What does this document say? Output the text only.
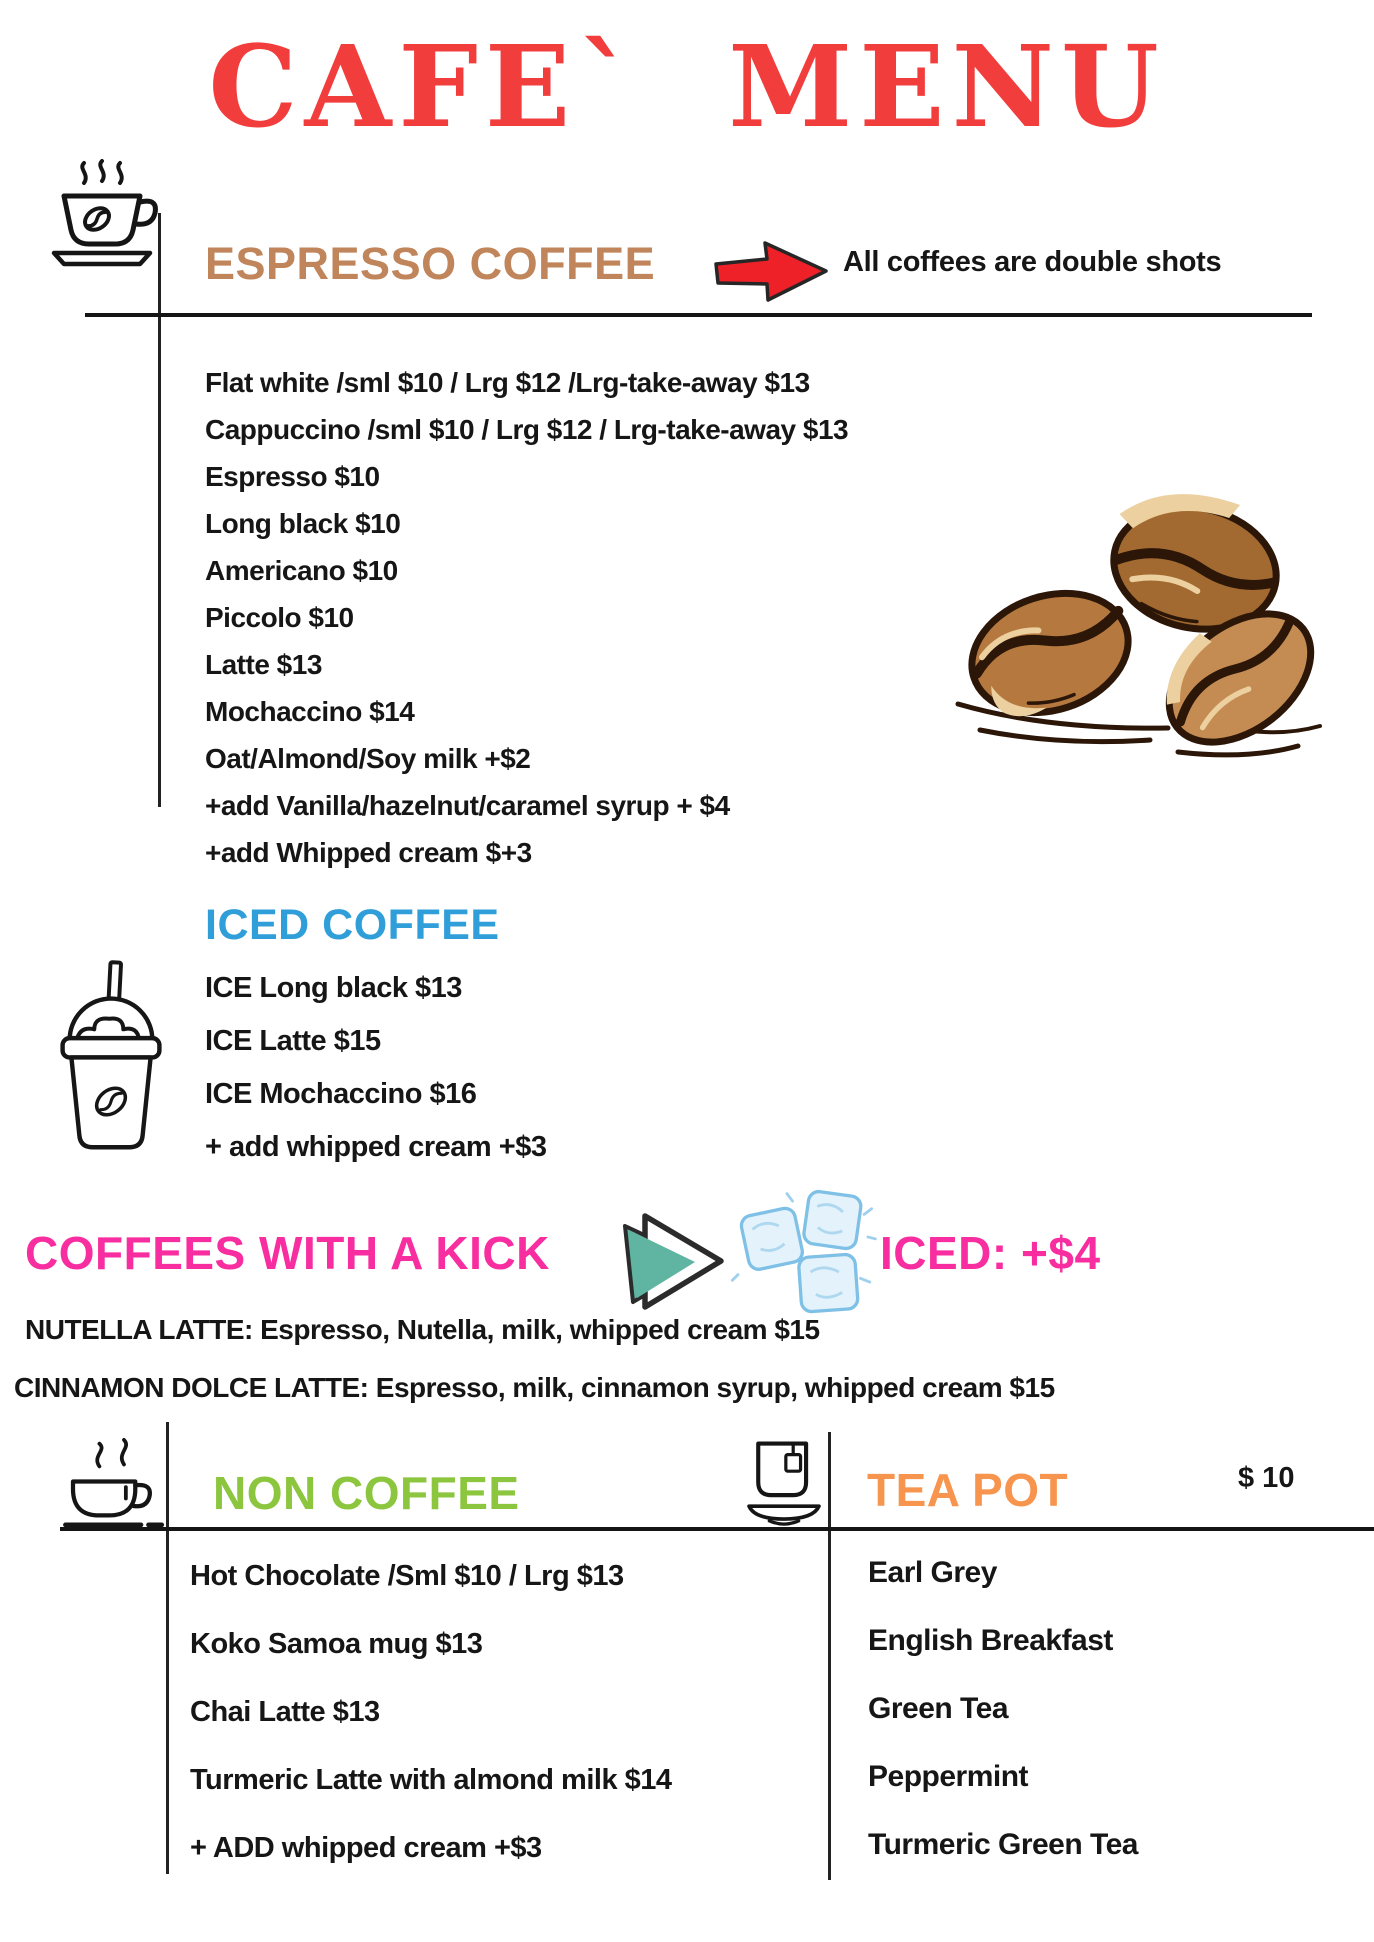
CAFE` MENU
ESPRESSO COFFEE	All coffees are double shots
Flat white /sml $10 / Lrg $12 /Lrg-take-away $13
Cappuccino /sml $10 / Lrg $12 / Lrg-take-away $13
Espresso $10
Long black $10
Americano $10
Piccolo $10
Latte $13
Mochaccino $14
Oat/Almond/Soy milk +$2
+add Vanilla/hazelnut/caramel syrup + $4
+add Whipped cream $+3
ICED COFFEE
ICE Long black $13
ICE Latte $15
ICE Mochaccino $16
+ add whipped cream +$3
COFFEES WITH A KICK	ICED: +$4
NUTELLA LATTE: Espresso, Nutella, milk, whipped cream $15
CINNAMON DOLCE LATTE: Espresso, milk, cinnamon syrup, whipped cream $15
NON COFFEE	TEA POT	$ 10
Hot Chocolate /Sml $10 / Lrg $13
Koko Samoa mug $13
Chai Latte $13
Turmeric Latte with almond milk $14
+ ADD whipped cream +$3
Earl Grey
English Breakfast
Green Tea
Peppermint
Turmeric Green Tea
